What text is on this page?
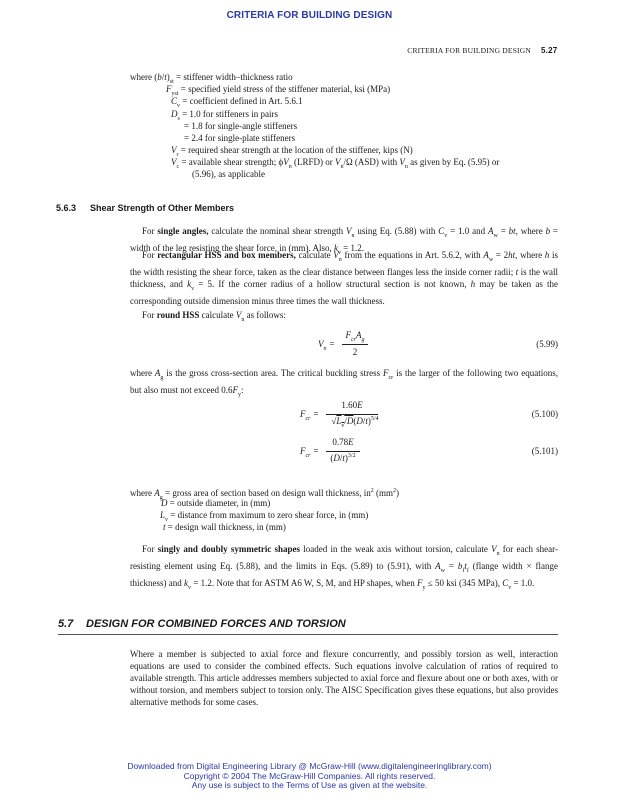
CRITERIA FOR BUILDING DESIGN
CRITERIA FOR BUILDING DESIGN 5.27
where $(b/t)_{st}$ = stiffener width–thickness ratio
$F_{yst}$ = specified yield stress of the stiffener material, ksi (MPa)
$C_v$ = coefficient defined in Art. 5.6.1
$D_s = 1.0$ for stiffeners in pairs
= 1.8 for single-angle stiffeners
= 2.4 for single-plate stiffeners
$V_r$ = required shear strength at the location of the stiffener, kips (N)
$V_c$ = available shear strength; $\phi V_n$ (LRFD) or $V_n/\Omega$ (ASD) with $V_n$ as given by Eq. (5.95) or
(5.96), as applicable
5.6.3 Shear Strength of Other Members
For single angles, calculate the nominal shear strength $V_n$ using Eq. (5.88) with $C_v = 1.0$ and $A_w$ = bt, where b = width of the leg resisting the shear force, in (mm). Also, $k_v = 1.2$.
For rectangular HSS and box members, calculate $V_n$ from the equations in Art. 5.6.2, with $A_w = 2ht$, where h is the width resisting the shear force, taken as the clear distance between flanges less the inside corner radii; t is the wall thickness, and $k_v = 5$. If the corner radius of a hollow structural section is not known, h may be taken as the corresponding outside dimension minus three times the wall thickness.
For round HSS calculate $V_n$ as follows:
$V_n$ =
$F_{cr}A_g$
2
(5.99)
where $A_g$ is the gross cross-section area. The critical buckling stress $F_{cr}$ is the larger of the following two equations, but also must not exceed $0.6F_y$:
$F_{cr}$ =
1.60E
$√L_v/D(D/t)^{5/4}$	(5.100)
$F_{cr}$ =
0.78E
$(D/t)^{3/2}$	(5.101)
where $A_g$ = gross area of section based on design wall thickness, $in^2$ $(mm^2)$
D = outside diameter, in (mm)
$L_v$ = distance from maximum to zero shear force, in (mm)
t = design wall thickness, in (mm)
For singly and doubly symmetric shapes loaded in the weak axis without torsion, calculate $V_n$ for each shear-resisting element using Eq. (5.88), and the limits in Eqs. (5.89) to (5.91), with $A_w = b_ft_f$ (flange width × flange thickness) and $k_v = 1.2$. Note that for ASTM A6 W, S, M, and HP shapes, when $F_y \le 50$ ksi (345 MPa), $C_v = 1.0$.
5.7 DESIGN FOR COMBINED FORCES AND TORSION
Where a member is subjected to axial force and flexure concurrently, and possibly torsion as well, interaction equations are used to consider the combined effects. Such equations involve calculation of ratios of required to available strength. This article addresses members subjected to axial force and flexure about one or both axes, with or without torsion, and members subject to torsion only. The AISC Specification gives these equations, but also provides alternative methods for some cases.
Downloaded from Digital Engineering Library @ McGraw-Hill (www.digitalengineeringlibrary.com)
Copyright © 2004 The McGraw-Hill Companies. All rights reserved.
Any use is subject to the Terms of Use as given at the website.
